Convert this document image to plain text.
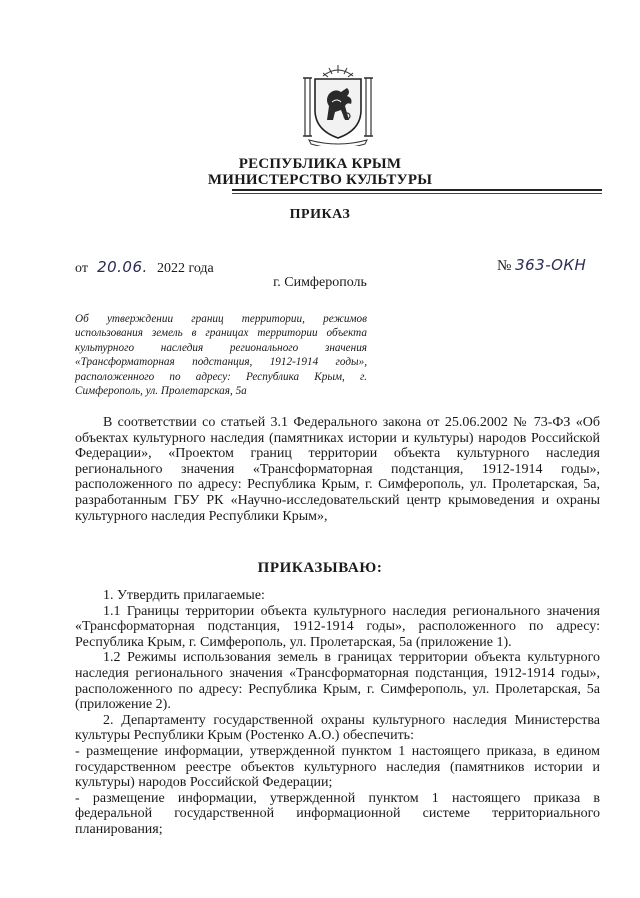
РЕСПУБЛИКА КРЫМ
МИНИСТЕРСТВО КУЛЬТУРЫ
ПРИКАЗ
от 20.06. 2022 года	№ 363-ОКН
г. Симферополь
Об утверждении границ территории, режимов использования земель в границах территории объекта культурного наследия регионального значения «Трансформаторная подстанция, 1912-1914 годы», расположенного по адресу: Республика Крым, г. Симферополь, ул. Пролетарская, 5а
В соответствии со статьей 3.1 Федерального закона от 25.06.2002 № 73-ФЗ «Об объектах культурного наследия (памятниках истории и культуры) народов Российской Федерации», «Проектом границ территории объекта культурного наследия регионального значения «Трансформаторная подстанция, 1912-1914 годы», расположенного по адресу: Республика Крым, г. Симферополь, ул. Пролетарская, 5а, разработанным ГБУ РК «Научно-исследовательский центр крымоведения и охраны культурного наследия Республики Крым»,
ПРИКАЗЫВАЮ:

1. Утвердить прилагаемые:

1.1 Границы территории объекта культурного наследия регионального значения «Трансформаторная подстанция, 1912-1914 годы», расположенного по адресу: Республика Крым, г. Симферополь, ул. Пролетарская, 5а (приложение 1).

1.2 Режимы использования земель в границах территории объекта культурного наследия регионального значения «Трансформаторная подстанция, 1912-1914 годы», расположенного по адресу: Республика Крым, г. Симферополь, ул. Пролетарская, 5а (приложение 2).

2. Департаменту государственной охраны культурного наследия Министерства культуры Республики Крым (Ростенко А.О.) обеспечить:

- размещение информации, утвержденной пунктом 1 настоящего приказа, в едином государственном реестре объектов культурного наследия (памятников истории и культуры) народов Российской Федерации;

- размещение информации, утвержденной пунктом 1 настоящего приказа в федеральной государственной информационной системе территориального планирования;
